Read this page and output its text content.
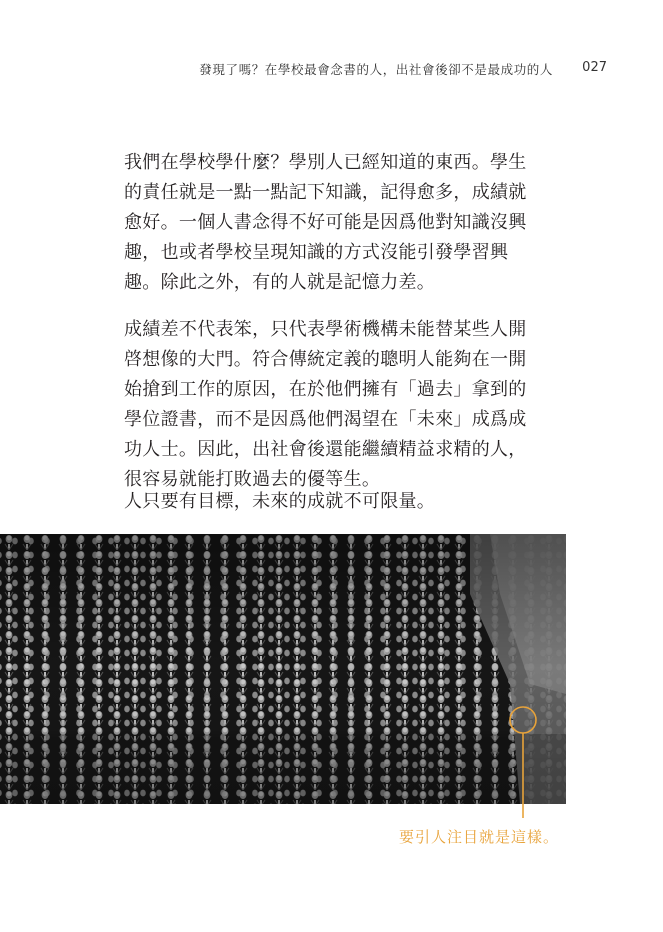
發現了嗎？在學校最會念書的人，出社會後卻不是最成功的人 027

我們在學校學什麼？學別人已經知道的東西。學生的責任就是一點一點記下知識，記得愈多，成績就愈好。一個人書念得不好可能是因爲他對知識沒興趣，也或者學校呈現知識的方式沒能引發學習興趣。除此之外，有的人就是記憶力差。

成績差不代表笨，只代表學術機構未能替某些人開啓想像的大門。符合傳統定義的聰明人能夠在一開始搶到工作的原因，在於他們擁有「過去」拿到的學位證書，而不是因爲他們渴望在「未來」成爲成功人士。因此，出社會後還能繼續精益求精的人，很容易就能打敗過去的優等生。

人只要有目標，未來的成就不可限量。

要引人注目就是這樣。
